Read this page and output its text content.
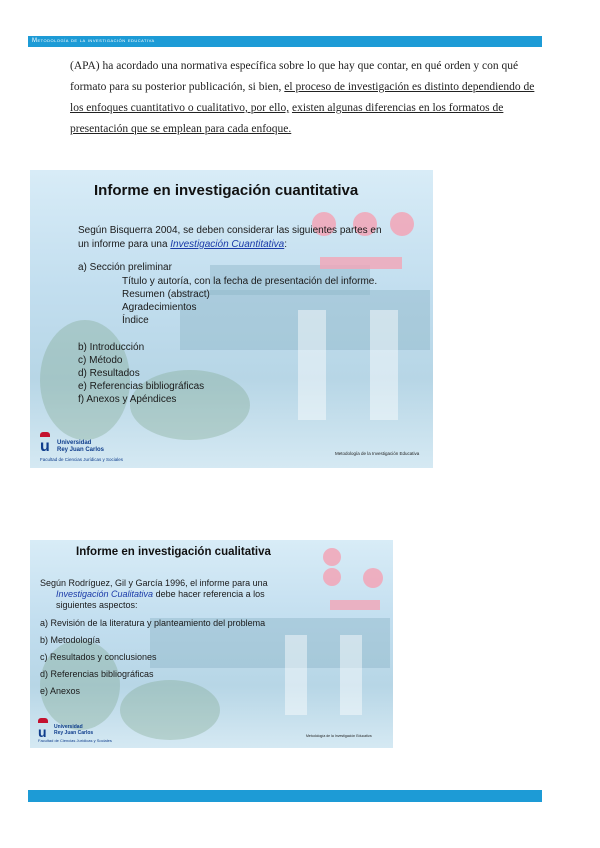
Metodología de la investigación educativa
(APA) ha acordado una normativa específica sobre lo que hay que contar, en qué orden y con qué formato para su posterior publicación, si bien, el proceso de investigación es distinto dependiendo de los enfoques cuantitativo o cualitativo, por ello, existen algunas diferencias en los formatos de presentación que se emplean para cada enfoque.
Informe en investigación cuantitativa
Según Bisquerra 2004, se deben considerar las siguientes partes en
un informe para una Investigación Cuantitativa:
a) Sección preliminar
Título y autoría, con la fecha de presentación del informe.
Resumen (abstract)
Agradecimientos
Índice
b) Introducción
c) Método
d) Resultados
e) Referencias bibliográficas
f) Anexos y Apéndices
u Universidad
Rey Juan Carlos
Facultad de Ciencias Jurídicas y Sociales
Metodología de la Investigación Educativa
Informe en investigación cualitativa
Según Rodríguez, Gil y García 1996, el informe para una
Investigación Cualitativa debe hacer referencia a los
siguientes aspectos:
a) Revisión de la literatura y planteamiento del problema
b) Metodología
c) Resultados y conclusiones
d) Referencias bibliográficas
e) Anexos
u Universidad
Rey Juan Carlos
Facultad de Ciencias Jurídicas y Sociales
Metodología de la Investigación Educativa
